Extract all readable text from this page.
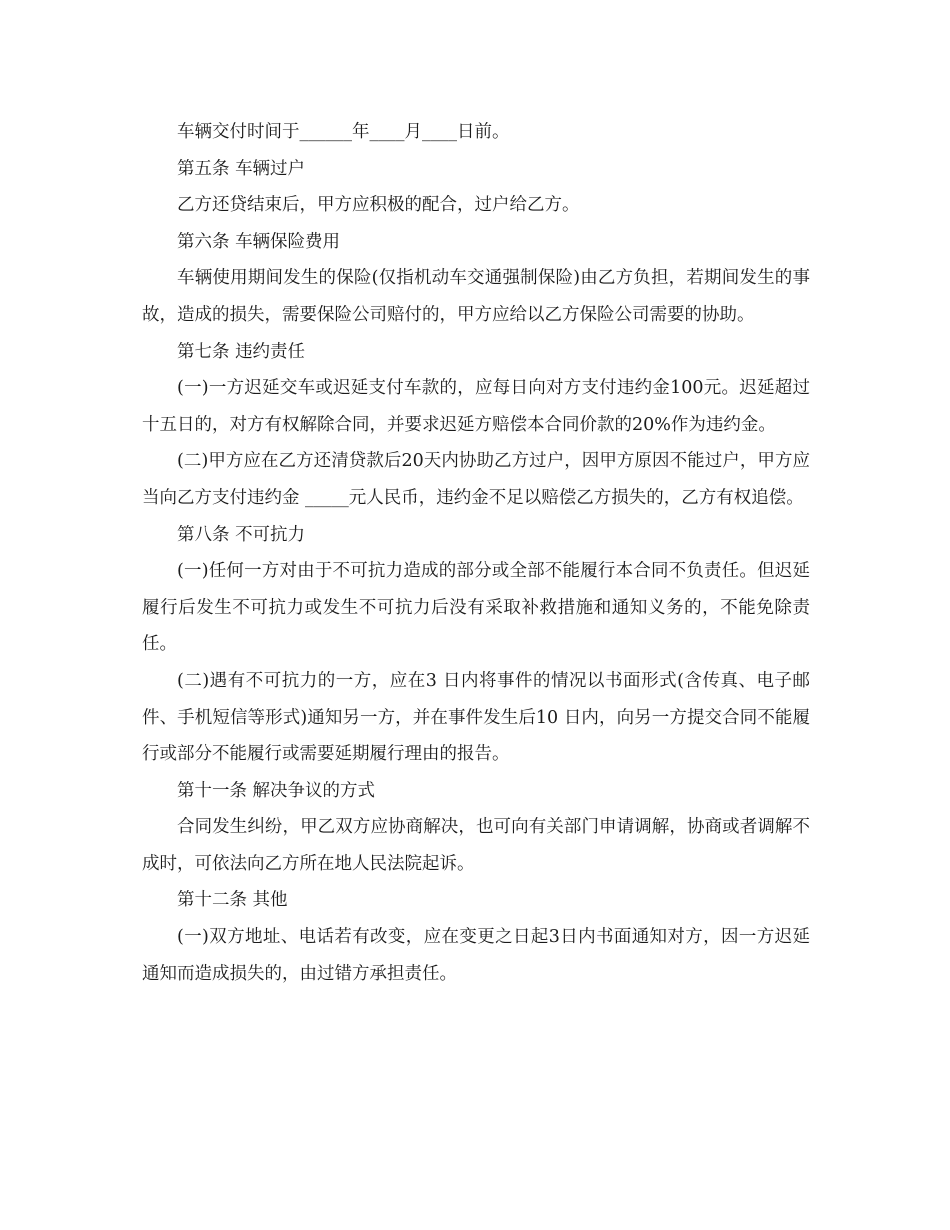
车辆交付时间于______年____月____日前。

第五条 车辆过户

乙方还贷结束后，甲方应积极的配合，过户给乙方。

第六条 车辆保险费用

车辆使用期间发生的保险(仅指机动车交通强制保险)由乙方负担，若期间发生的事故，造成的损失，需要保险公司赔付的，甲方应给以乙方保险公司需要的协助。

第七条 违约责任

(一)一方迟延交车或迟延支付车款的，应每日向对方支付违约金100元。迟延超过十五日的，对方有权解除合同，并要求迟延方赔偿本合同价款的20%作为违约金。

(二)甲方应在乙方还清贷款后20天内协助乙方过户，因甲方原因不能过户，甲方应当向乙方支付违约金 _____元人民币，违约金不足以赔偿乙方损失的，乙方有权追偿。

第八条 不可抗力

(一)任何一方对由于不可抗力造成的部分或全部不能履行本合同不负责任。但迟延履行后发生不可抗力或发生不可抗力后没有采取补救措施和通知义务的，不能免除责任。

(二)遇有不可抗力的一方，应在3 日内将事件的情况以书面形式(含传真、电子邮件、手机短信等形式)通知另一方，并在事件发生后10 日内，向另一方提交合同不能履行或部分不能履行或需要延期履行理由的报告。

第十一条 解决争议的方式

合同发生纠纷，甲乙双方应协商解决，也可向有关部门申请调解，协商或者调解不成时，可依法向乙方所在地人民法院起诉。

第十二条 其他

(一)双方地址、电话若有改变，应在变更之日起3日内书面通知对方，因一方迟延通知而造成损失的，由过错方承担责任。
